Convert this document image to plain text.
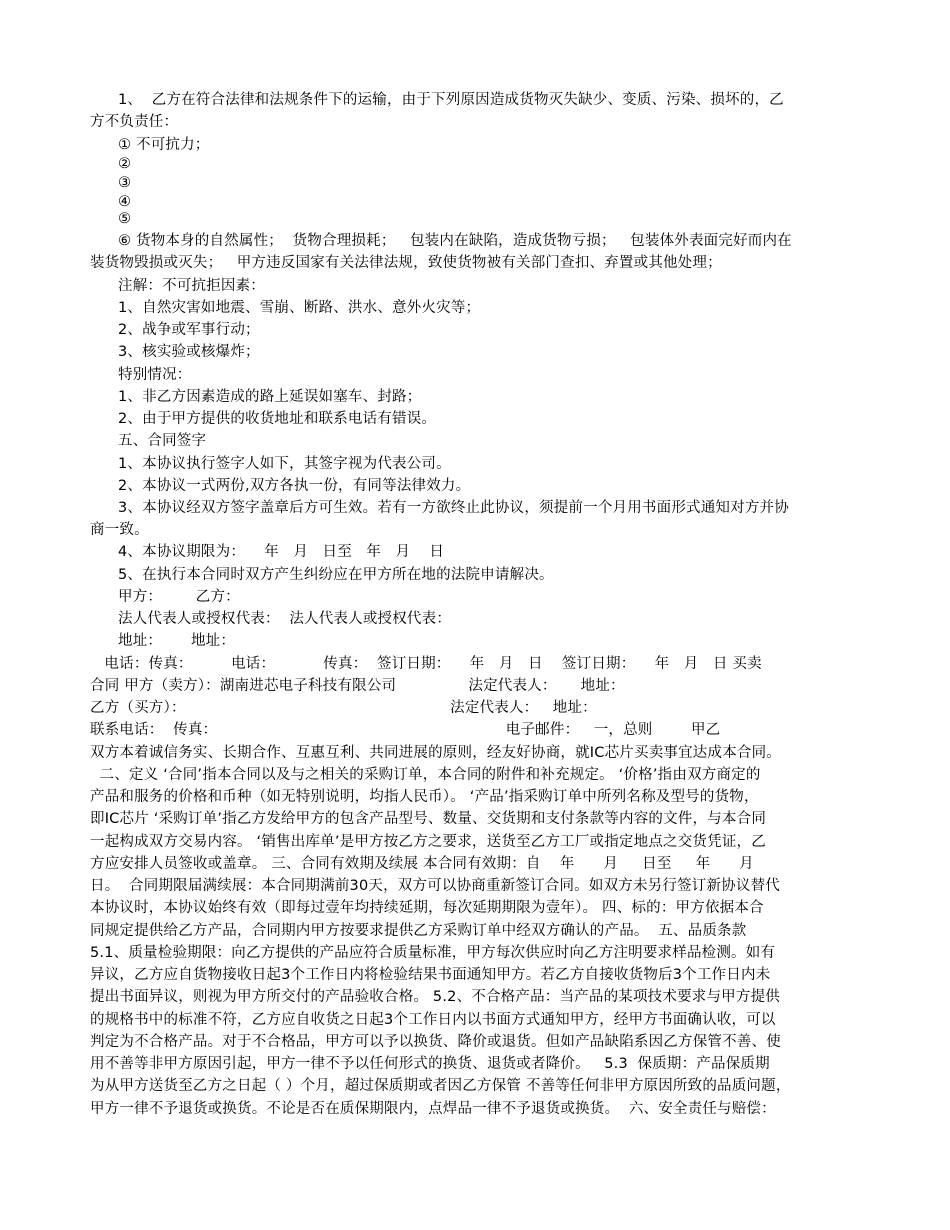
1、  乙方在符合法律和法规条件下的运输，由于下列原因造成货物灭失缺少、变质、污染、损坏的，乙
方不负责任：
① 不可抗力；
②
③
④
⑤
⑥ 货物本身的自然属性；  货物合理损耗；   包装内在缺陷，造成货物亏损；   包装体外表面完好而内在
装货物毁损或灭失；   甲方违反国家有关法律法规，致使货物被有关部门查扣、弃置或其他处理；
注解：不可抗拒因素：
1、自然灾害如地震、雪崩、断路、洪水、意外火灾等；
2、战争或军事行动；
3、核实验或核爆炸；
特别情况：
1、非乙方因素造成的路上延误如塞车、封路；
2、由于甲方提供的收货地址和联系电话有错误。
五、合同签字
1、本协议执行签字人如下，其签字视为代表公司。
2、本协议一式两份,双方各执一份，有同等法律效力。
3、本协议经双方签字盖章后方可生效。若有一方欲终止此协议，须提前一个月用书面形式通知对方并协
商一致。
4、本协议期限为：    年   月   日至   年   月    日
5、在执行本合同时双方产生纠纷应在甲方所在地的法院申请解决。
甲方：       乙方：
法人代表人或授权代表：  法人代表人或授权代表：
地址：      地址：
电话：传真：        电话：          传真：  签订日期：    年   月   日    签订日期：    年   月   日 买卖
合同 甲方（卖方）：湖南进芯电子科技有限公司               法定代表人：     地址：
乙方（买方）：                                                       法定代表人：   地址：
联系电话：  传真：                                                            电子邮件：   一，总则        甲乙
双方本着诚信务实、长期合作、互惠互利、共同进展的原则，经友好协商，就IC芯片买卖事宜达成本合同。
二、定义 ‘合同’指本合同以及与之相关的采购订单，本合同的附件和补充规定。 ‘价格’指由双方商定的
产品和服务的价格和币种（如无特别说明，均指人民币）。 ‘产品’指采购订单中所列名称及型号的货物，
即IC芯片 ‘采购订单’指乙方发给甲方的包含产品型号、数量、交货期和支付条款等内容的文件，与本合同
一起构成双方交易内容。 ‘销售出库单’是甲方按乙方之要求，送货至乙方工厂或指定地点之交货凭证，乙
方应安排人员签收或盖章。 三、合同有效期及续展 本合同有效期：自    年      月     日至     年      月
日。  合同期限届满续展：本合同期满前30天，双方可以协商重新签订合同。如双方未另行签订新协议替代
本协议时，本协议始终有效（即每过壹年均持续延期，每次延期期限为壹年）。 四、标的：甲方依据本合
同规定提供给乙方产品，合同期内甲方按要求提供乙方采购订单中经双方确认的产品。  五、品质条款
5.1、质量检验期限：向乙方提供的产品应符合质量标准，甲方每次供应时向乙方注明要求样品检测。如有
异议，乙方应自货物接收日起3个工作日内将检验结果书面通知甲方。若乙方自接收货物后3个工作日内未
提出书面异议，则视为甲方所交付的产品验收合格。 5.2、不合格产品：当产品的某项技术要求与甲方提供
的规格书中的标准不符，乙方应自收货之日起3个工作日内以书面方式通知甲方，经甲方书面确认收，可以
判定为不合格产品。对于不合格品，甲方可以予以换货、降价或退货。但如产品缺陷系因乙方保管不善、使
用不善等非甲方原因引起，甲方一律不予以任何形式的换货、退货或者降价。   5.3  保质期：产品保质期
为从甲方送货至乙方之日起（ ）个月，超过保质期或者因乙方保管 不善等任何非甲方原因所致的品质问题，
甲方一律不予退货或换货。不论是否在质保期限内，点焊品一律不予退货或换货。  六、安全责任与赔偿：
